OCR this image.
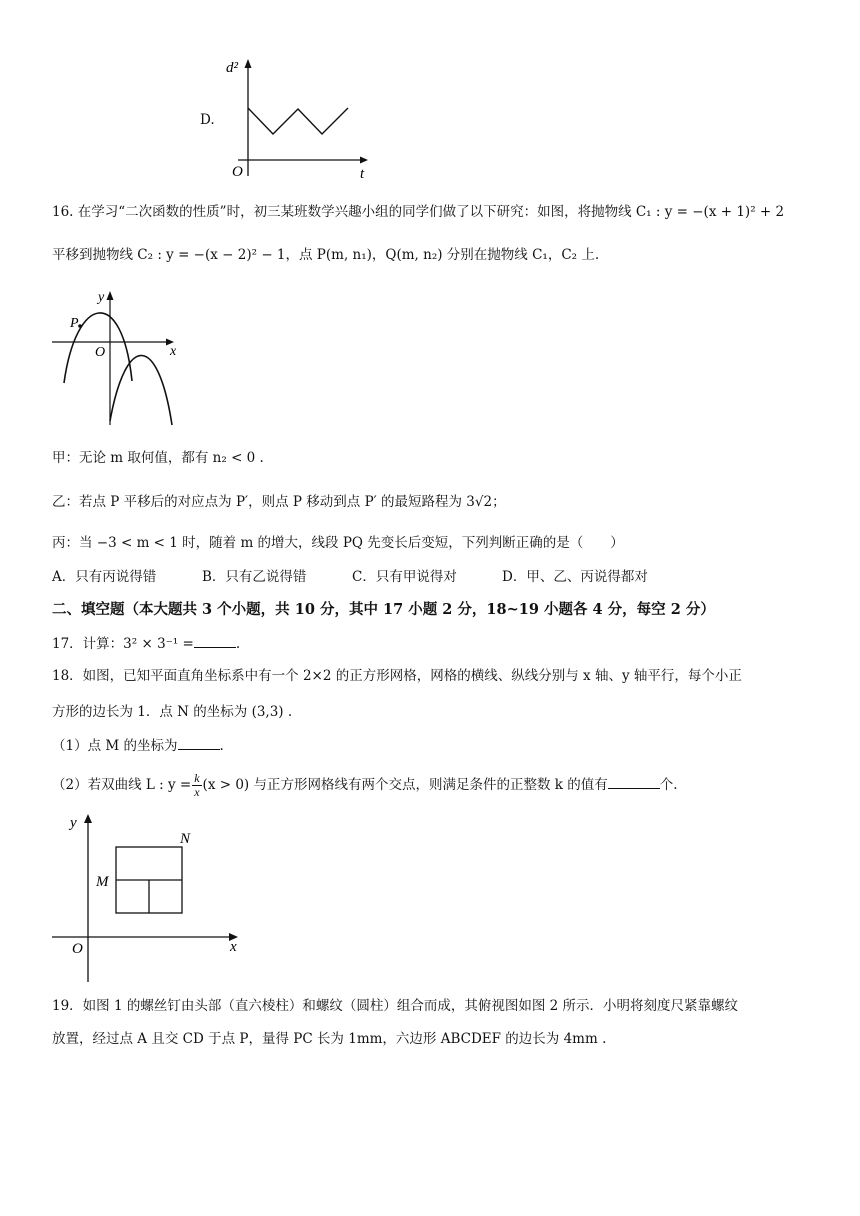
D.
d²
t
O
16. 在学习“二次函数的性质”时，初三某班数学兴趣小组的同学们做了以下研究：如图，将抛物线 C₁ : y = −(x + 1)² + 2
平移到抛物线 C₂ : y = −(x − 2)² − 1，点 P(m, n₁)，Q(m, n₂) 分别在抛物线 C₁，C₂ 上.
P
y
x
O
甲：无论 m 取何值，都有 n₂ < 0 .
乙：若点 P 平移后的对应点为 P′，则点 P 移动到点 P′ 的最短路程为 3√2；
丙：当 −3 < m < 1 时，随着 m 的增大，线段 PQ 先变长后变短，下列判断正确的是（　　）
A．只有丙说得错	B．只有乙说得错	C．只有甲说得对	D．甲、乙、丙说得都对
二、填空题（本大题共 3 个小题，共 10 分，其中 17 小题 2 分，18~19 小题各 4 分，每空 2 分）
17．计算：3² × 3⁻¹ =	.
18．如图，已知平面直角坐标系中有一个 2×2 的正方形网格，网格的横线、纵线分别与 x 轴、y 轴平行，每个小正
方形的边长为 1．点 N 的坐标为 (3,3) .
（1）点 M 的坐标为	.
（2）若双曲线 L : $y = \frac{k}{x} (x > 0)$ 与正方形网格线有两个交点，则满足条件的正整数 k 的值有	个.
y
x
O
M
N
19．如图 1 的螺丝钉由头部（直六棱柱）和螺纹（圆柱）组合而成，其俯视图如图 2 所示．小明将刻度尺紧靠螺纹
放置，经过点 A 且交 CD 于点 P，量得 PC 长为 1mm，六边形 ABCDEF 的边长为 4mm .
